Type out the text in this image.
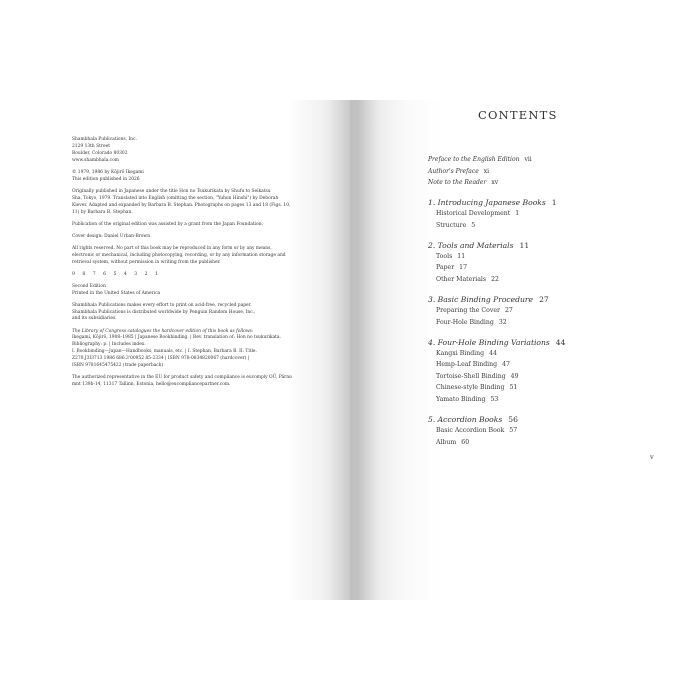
Shambhala Publications, Inc.
2129 13th Street
Boulder, Colorado 80302
www.shambhala.com

© 1979, 1986 by Kōjirō Ikegami
This edition published in 2026

Originally published in Japanese under the title Hon no Tsukurikata by Shufu to Seikatsu
Sha, Tokyo, 1979. Translated into English (omitting the section, "Yuhon Hinshi") by Deborah
Kiever. Adapted and expanded by Barbara B. Stephan. Photographs on pages 13 and 18 (Figs. 10,
11) by Barbara B. Stephan.

Publication of the original edition was assisted by a grant from the Japan Foundation.

Cover design: Daniel Urban-Brown

All rights reserved. No part of this book may be reproduced in any form or by any means,
electronic or mechanical, including photocopying, recording, or by any information storage and
retrieval system, without permission in writing from the publisher.

9 8 7 6 5 4 3 2 1

Second Edition
Printed in the United States of America

Shambhala Publications makes every effort to print on acid-free, recycled paper.
Shambhala Publications is distributed worldwide by Penguin Random House, Inc.,
and its subsidiaries.

The Library of Congress catalogues the hardcover edition of this book as follows:
Ikegami, Kōjirō, 1908–1985 | Japanese Bookbinding. | Rev. translation of: Hon no tsukurikata.
Bibliography: p. | Includes index.
I. Bookbinding—Japan—Handbooks, manuals, etc. | I. Stephan, Barbara B. II. Title.
Z270.J3I3713 1986 686.3'00952 85-2334 | ISBN 978-0834820067 (hardcover) |
ISBN 9781645475422 (trade paperback)

The authorized representative in the EU for product safety and compliance is eucomply OÜ, Pärnu
mnt 139b-14, 11317 Tallinn, Estonia, hello@eucompliancepartner.com.

CONTENTS
Preface to the English Edition vii
Author's Preface xi
Note to the Reader xv
1. Introducing Japanese Books 1
Historical Development 1
Structure 5
2. Tools and Materials 11
Tools 11
Paper 17
Other Materials 22
3. Basic Binding Procedure 27
Preparing the Cover 27
Four-Hole Binding 32
4. Four-Hole Binding Variations 44
Kangxi Binding 44
Hemp-Leaf Binding 47
Tortoise-Shell Binding 49
Chinese-style Binding 51
Yamato Binding 53
5. Accordion Books 56
Basic Accordion Book 57
Album 60
v
